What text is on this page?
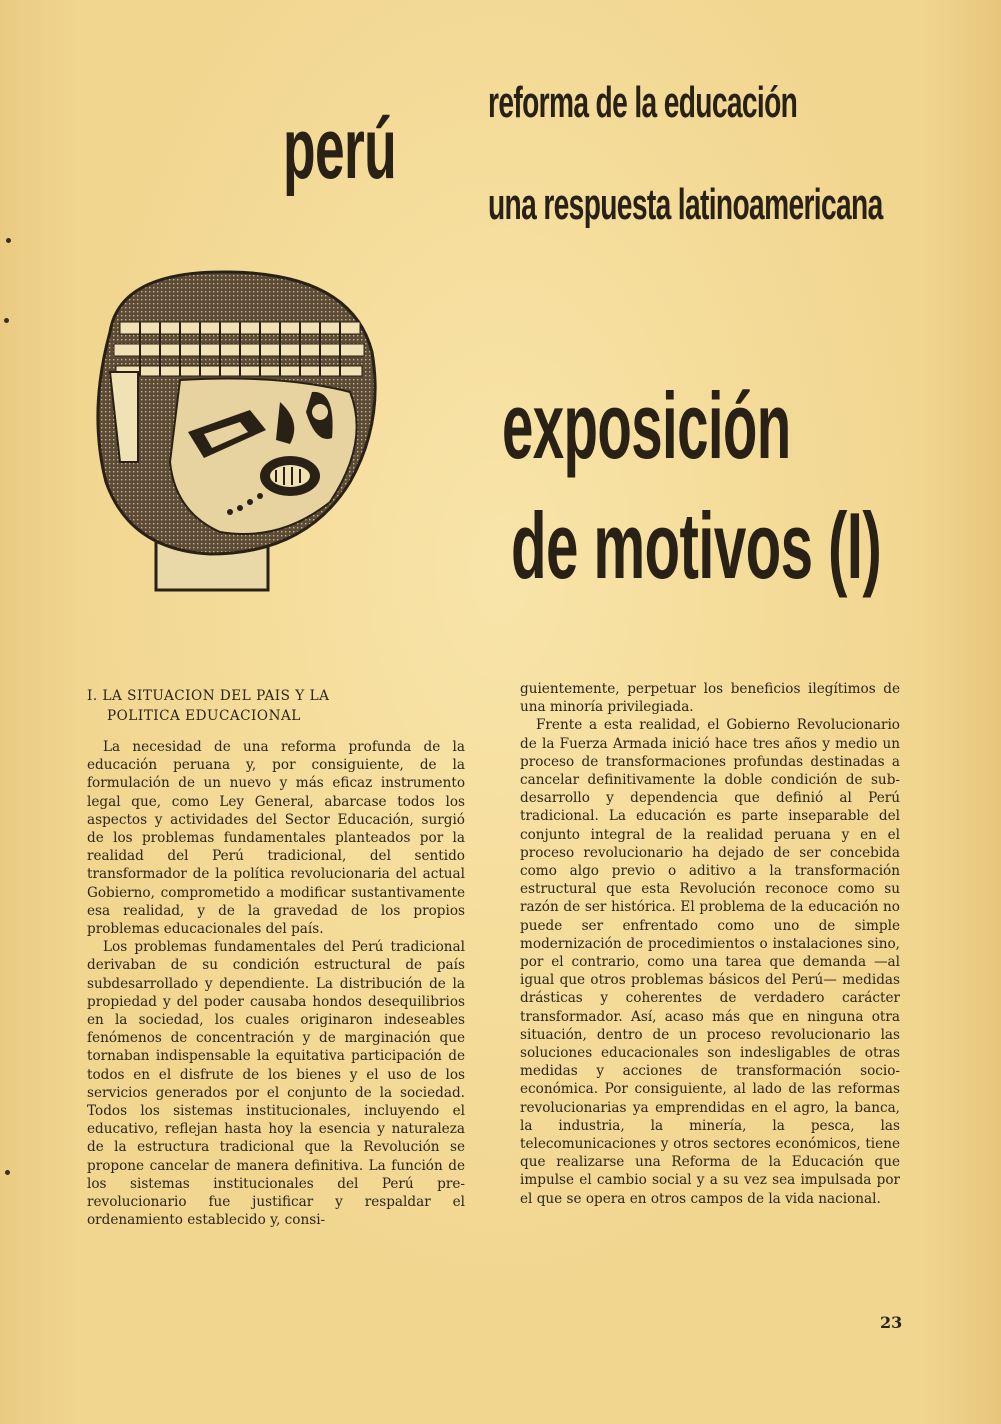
perú reforma de la educación
una respuesta latinoamericana
exposición
de motivos (I)
I. LA SITUACION DEL PAIS Y LA
POLITICA EDUCACIONAL

La necesidad de una reforma profunda de la educación peruana y, por consiguiente, de la formulación de un nuevo y más eficaz instrumento legal que, como Ley General, abarcase todos los aspectos y actividades del Sector Educación, surgió de los problemas fundamentales planteados por la realidad del Perú tradicional, del sentido transformador de la política revolucionaria del actual Gobierno, comprometido a modificar sustantivamente esa realidad, y de la gravedad de los propios problemas educacionales del país.

Los problemas fundamentales del Perú tradicional derivaban de su condición estructural de país subdesarrollado y dependiente. La distribución de la propiedad y del poder causaba hondos desequilibrios en la sociedad, los cuales originaron indeseables fenómenos de concentración y de marginación que tornaban indispensable la equitativa participación de todos en el disfrute de los bienes y el uso de los servicios generados por el conjunto de la sociedad. Todos los sistemas institucionales, incluyendo el educativo, reflejan hasta hoy la esencia y naturaleza de la estructura tradicional que la Revolución se propone cancelar de manera definitiva. La función de los sistemas institucionales del Perú pre-revolucionario fue justificar y respaldar el ordenamiento establecido y, consi-

guientemente, perpetuar los beneficios ilegítimos de una minoría privilegiada.

Frente a esta realidad, el Gobierno Revolucionario de la Fuerza Armada inició hace tres años y medio un proceso de transformaciones profundas destinadas a cancelar definitivamente la doble condición de sub-desarrollo y dependencia que definió al Perú tradicional. La educación es parte inseparable del conjunto integral de la realidad peruana y en el proceso revolucionario ha dejado de ser concebida como algo previo o aditivo a la transformación estructural que esta Revolución reconoce como su razón de ser histórica. El problema de la educación no puede ser enfrentado como uno de simple modernización de procedimientos o instalaciones sino, por el contrario, como una tarea que demanda —al igual que otros problemas básicos del Perú— medidas drásticas y coherentes de verdadero carácter transformador. Así, acaso más que en ninguna otra situación, dentro de un proceso revolucionario las soluciones educacionales son indesligables de otras medidas y acciones de transformación socio-económica. Por consiguiente, al lado de las reformas revolucionarias ya emprendidas en el agro, la banca, la industria, la minería, la pesca, las telecomunicaciones y otros sectores económicos, tiene que realizarse una Reforma de la Educación que impulse el cambio social y a su vez sea impulsada por el que se opera en otros campos de la vida nacional.

23
